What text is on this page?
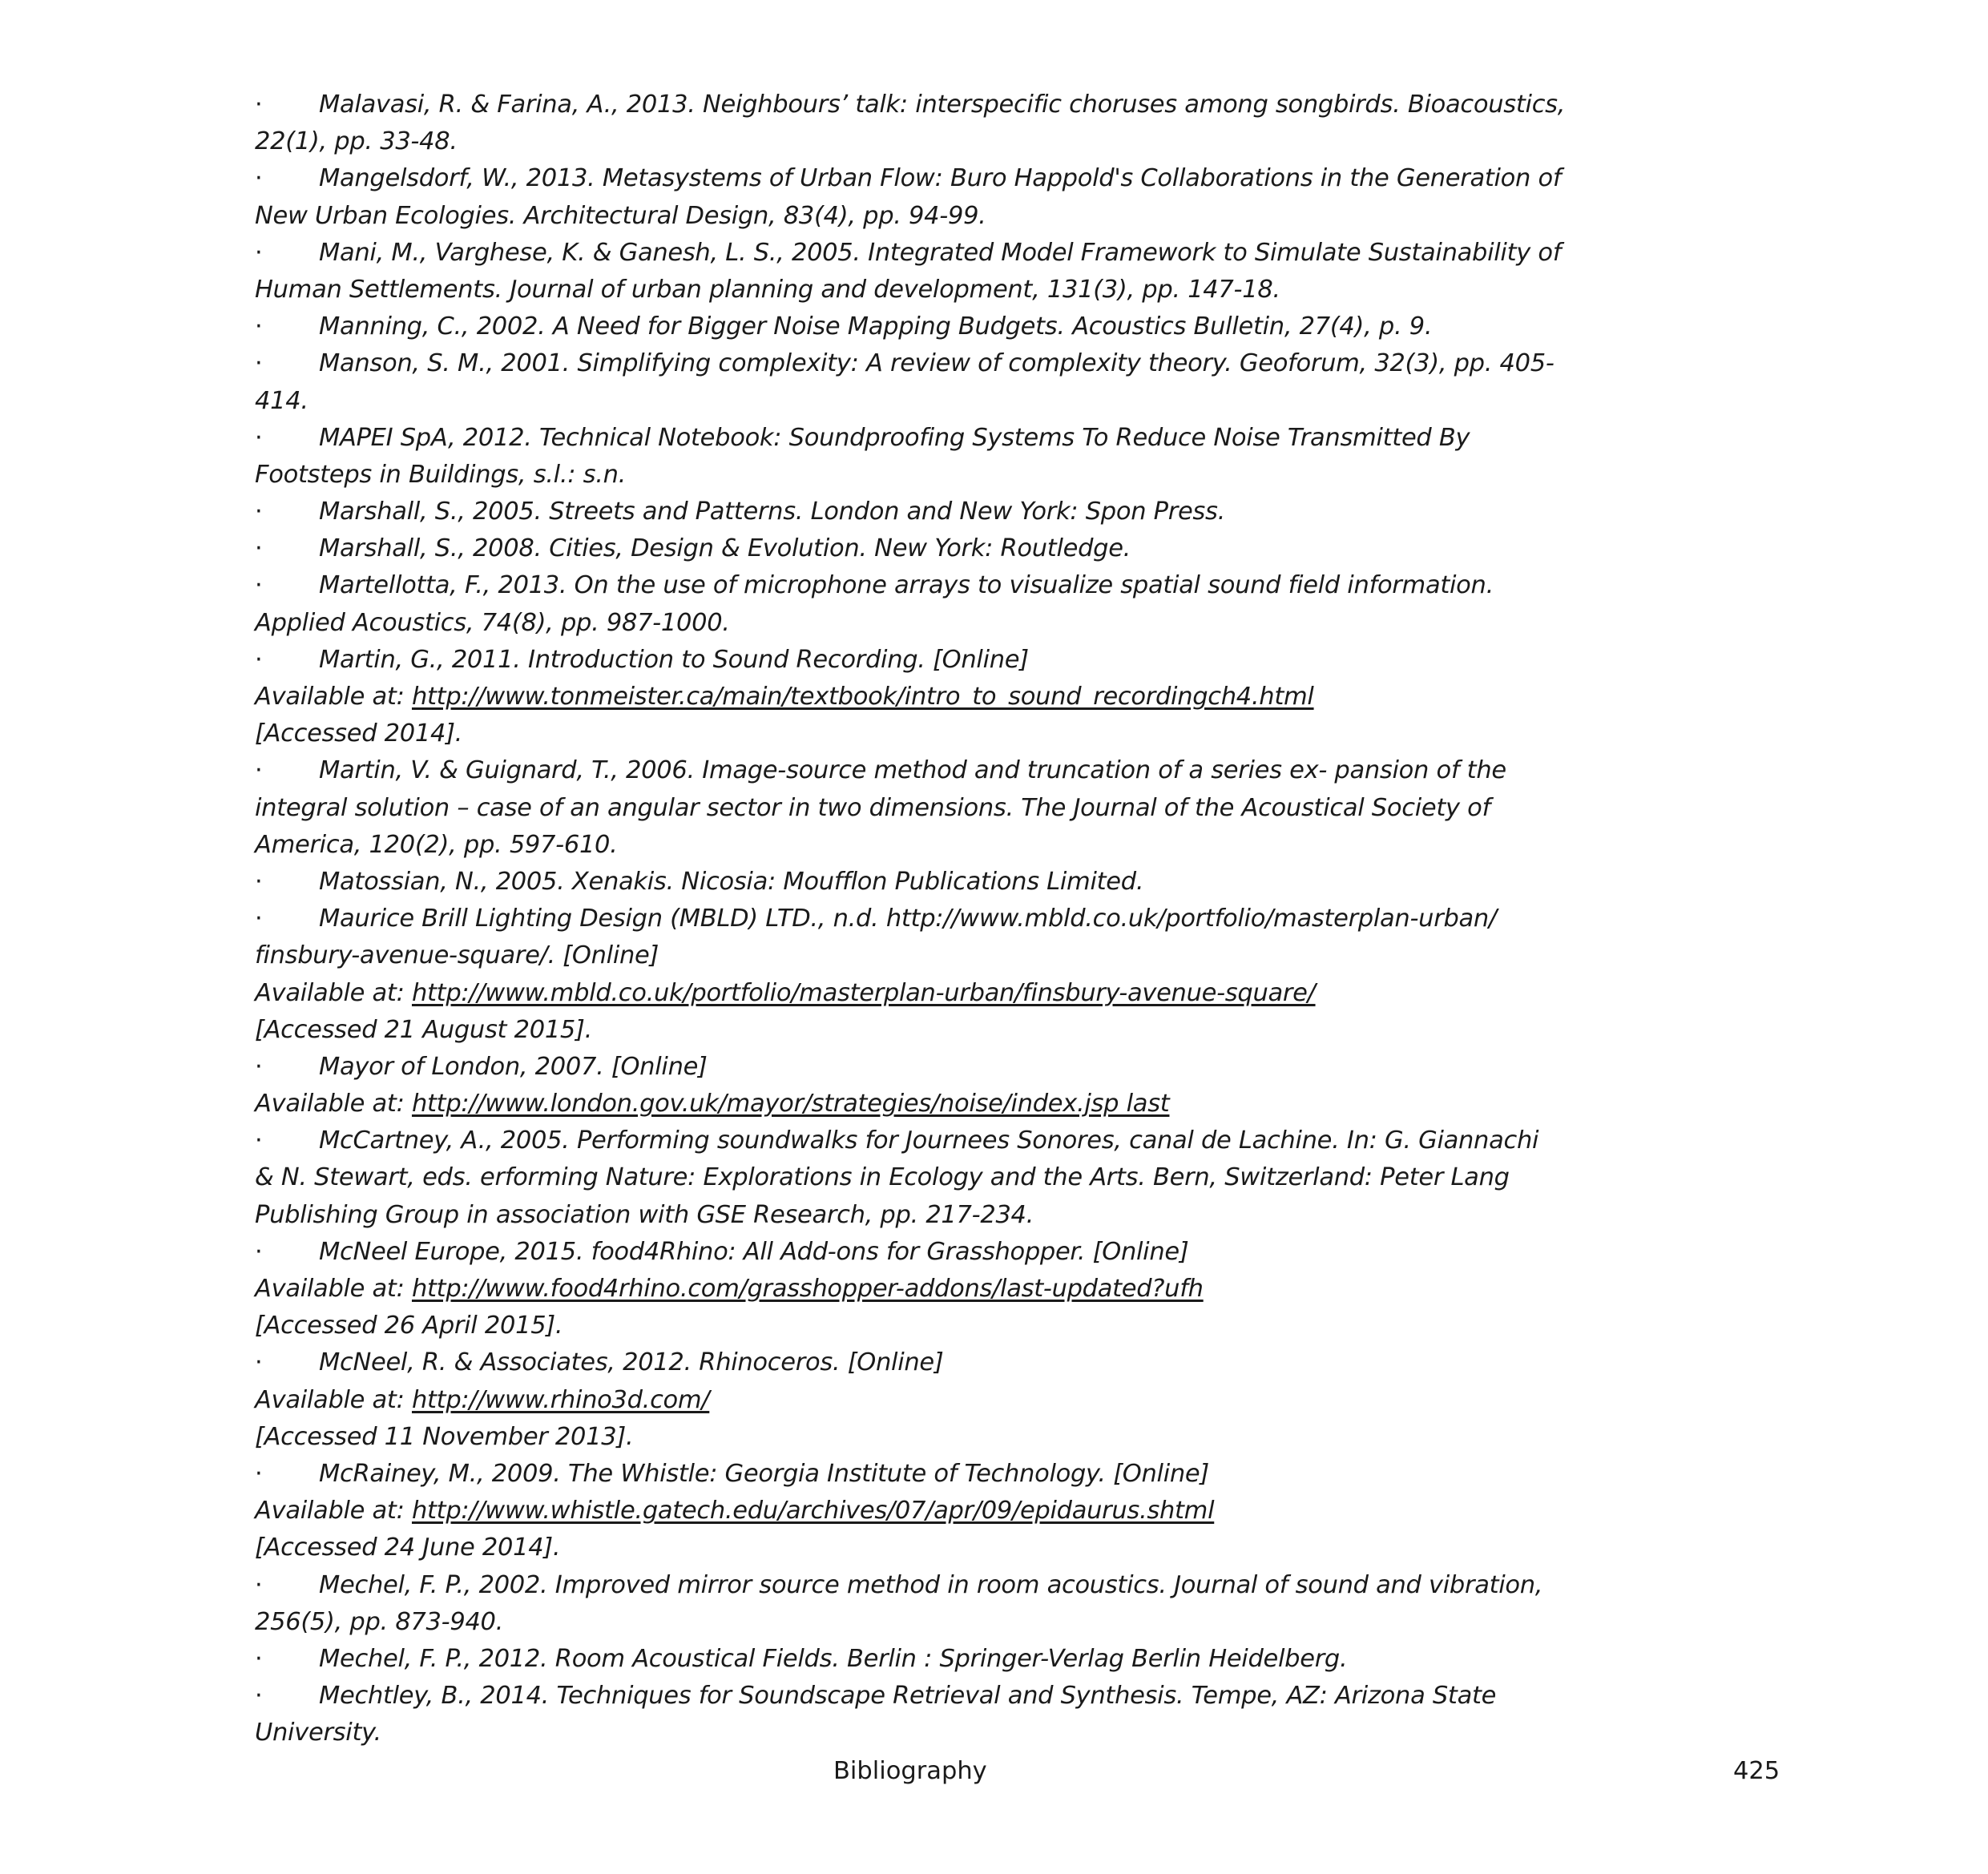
· Malavasi, R. & Farina, A., 2013. Neighbours’ talk: interspecific choruses among songbirds. Bioacoustics,
22(1), pp. 33-48.
· Mangelsdorf, W., 2013. Metasystems of Urban Flow: Buro Happold's Collaborations in the Generation of
New Urban Ecologies. Architectural Design, 83(4), pp. 94-99.
· Mani, M., Varghese, K. & Ganesh, L. S., 2005. Integrated Model Framework to Simulate Sustainability of
Human Settlements. Journal of urban planning and development, 131(3), pp. 147-18.
· Manning, C., 2002. A Need for Bigger Noise Mapping Budgets. Acoustics Bulletin, 27(4), p. 9.
· Manson, S. M., 2001. Simplifying complexity: A review of complexity theory. Geoforum, 32(3), pp. 405-
414.
· MAPEI SpA, 2012. Technical Notebook: Soundproofing Systems To Reduce Noise Transmitted By
Footsteps in Buildings, s.l.: s.n.
· Marshall, S., 2005. Streets and Patterns. London and New York: Spon Press.
· Marshall, S., 2008. Cities, Design & Evolution. New York: Routledge.
· Martellotta, F., 2013. On the use of microphone arrays to visualize spatial sound field information.
Applied Acoustics, 74(8), pp. 987-1000.
· Martin, G., 2011. Introduction to Sound Recording. [Online]
Available at: http://www.tonmeister.ca/main/textbook/intro_to_sound_recordingch4.html
[Accessed 2014].
· Martin, V. & Guignard, T., 2006. Image-source method and truncation of a series ex- pansion of the
integral solution – case of an angular sector in two dimensions. The Journal of the Acoustical Society of
America, 120(2), pp. 597-610.
· Matossian, N., 2005. Xenakis. Nicosia: Moufflon Publications Limited.
· Maurice Brill Lighting Design (MBLD) LTD., n.d. http://www.mbld.co.uk/portfolio/masterplan-urban/
finsbury-avenue-square/. [Online]
Available at: http://www.mbld.co.uk/portfolio/masterplan-urban/finsbury-avenue-square/
[Accessed 21 August 2015].
· Mayor of London, 2007. [Online]
Available at: http://www.london.gov.uk/mayor/strategies/noise/index.jsp last
· McCartney, A., 2005. Performing soundwalks for Journees Sonores, canal de Lachine. In: G. Giannachi
& N. Stewart, eds. erforming Nature: Explorations in Ecology and the Arts. Bern, Switzerland: Peter Lang
Publishing Group in association with GSE Research, pp. 217-234.
· McNeel Europe, 2015. food4Rhino: All Add-ons for Grasshopper. [Online]
Available at: http://www.food4rhino.com/grasshopper-addons/last-updated?ufh
[Accessed 26 April 2015].
· McNeel, R. & Associates, 2012. Rhinoceros. [Online]
Available at: http://www.rhino3d.com/
[Accessed 11 November 2013].
· McRainey, M., 2009. The Whistle: Georgia Institute of Technology. [Online]
Available at: http://www.whistle.gatech.edu/archives/07/apr/09/epidaurus.shtml
[Accessed 24 June 2014].
· Mechel, F. P., 2002. Improved mirror source method in room acoustics. Journal of sound and vibration,
256(5), pp. 873-940.
· Mechel, F. P., 2012. Room Acoustical Fields. Berlin : Springer-Verlag Berlin Heidelberg.
· Mechtley, B., 2014. Techniques for Soundscape Retrieval and Synthesis. Tempe, AZ: Arizona State
University.
Bibliography	425
